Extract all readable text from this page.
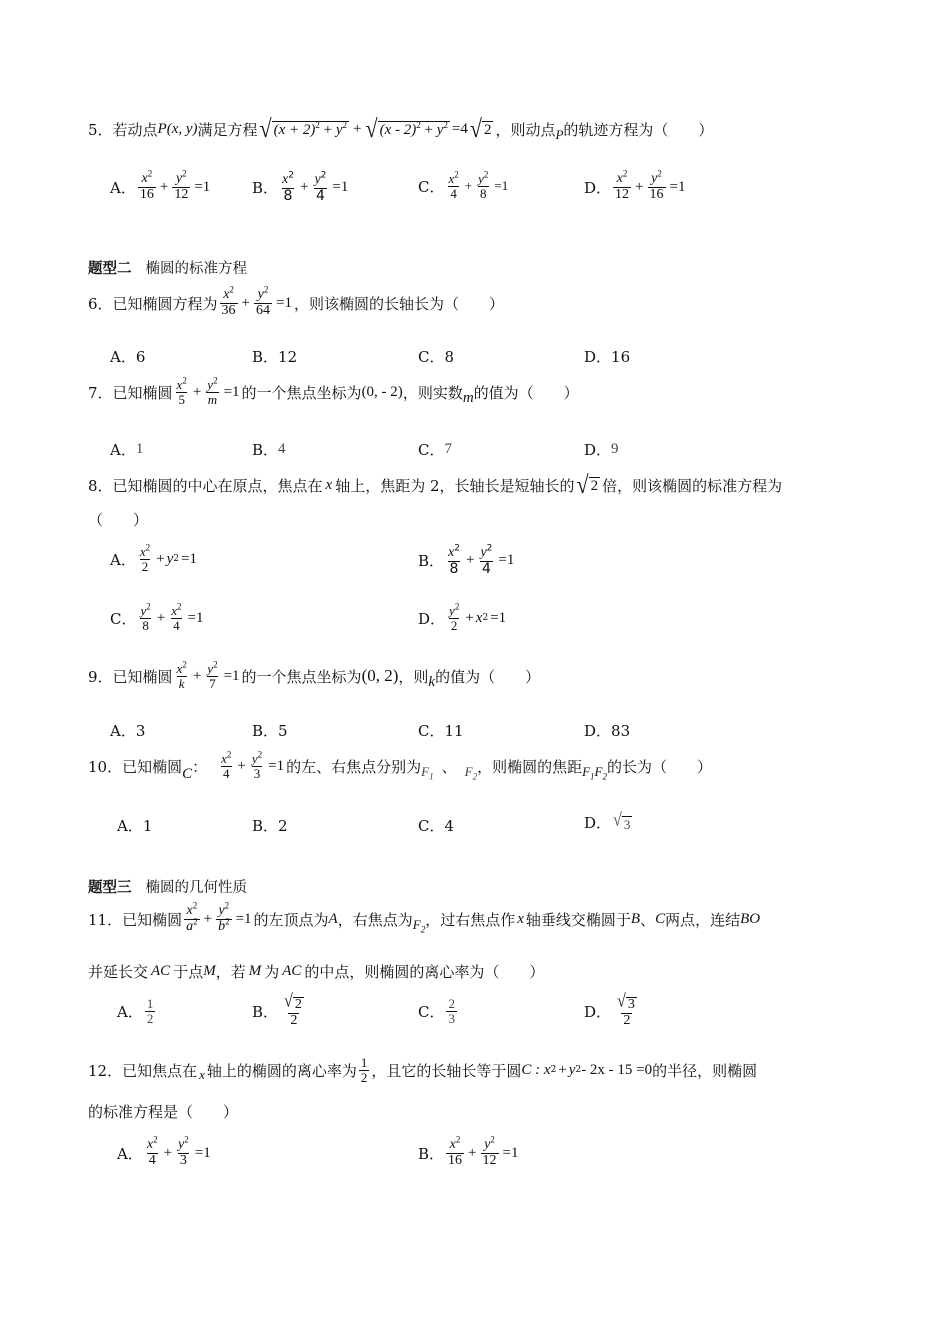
5．若动点 P (x, y) 满足方程 √ $(x + 2)^2 + y^2$ + √ $(x - 2)^2 + y^2 =4$ √ 2 ，则动点 P 的轨迹方程为（　　）
A． $\frac{x^2}{16} + \frac{y^2}{12} =1$	B． $\frac{x^2}{8} + \frac{y^2}{4} =1$	C． $\frac{x^2}{4} + \frac{y^2}{8} =1$	D． $\frac{x^2}{12} + \frac{y^2}{16} =1$
题型二 椭圆的标准方程
6．已知椭圆方程为 $\frac{x^2}{36} + \frac{y^2}{64} =1$ ，则该椭圆的长轴长为（　　）
A．6	B．12	C．8	D．16
7．已知椭圆 $\frac{x^2}{5} + \frac{y^2}{m} =1$ 的一个焦点坐标为 (0, - 2) ，则实数 m 的值为（　　）
A． 1	B． 4	C． 7	D． 9
8．已知椭圆的中心在原点，焦点在 x 轴上，焦距为 2，长轴长是短轴长的 √ 2 倍，则该椭圆的标准方程为
（　　）
A． $\frac{x^2}{2} + y$ 2 =1	B． $\frac{x^2}{8} + \frac{y^2}{4} =1$
C． $\frac{y^2}{8} + \frac{x^2}{4} =1$	D． $\frac{y^2}{2} + x$ 2 =1
9．已知椭圆 $\frac{x^2}{k} + \frac{y^2}{7} =1$ 的一个焦点坐标为 (0, 2) ，则 k 的值为（　　）
A．3	B．5	C．11	D．83
10．已知椭圆 C ： $\frac{x^2}{4} + \frac{y^2}{3} =1$ 的左、右焦点分别为 $F_1$
、 $F_2$
，则椭圆的焦距 $F_1F_2$
的长为（　　）
A．1	B．2	C．4	D． √ 3
题型三 椭圆的几何性质
11．已知椭圆 $\frac{x^2}{a^2} + \frac{y^2}{b^2} =1$ 的左顶点为 A ，右焦点为 $F_2$
，过右焦点作 x 轴垂线交椭圆于 B 、 C 两点，连结 BO
并延长交 AC 于点 M ，若 M 为 AC 的中点，则椭圆的离心率为（　　）
A． $\frac{1}{2}$	B． $\frac{√ 2}{2}$	C． $\frac{2}{3}$	D． $\frac{√ 3}{2}$
12．已知焦点在 x 轴上的椭圆的离心率为 $\frac{1}{2}$ ，且它的长轴长等于圆 C : x 2 + y 2 - 2x - 15 =0 的半径，则椭圆
的标准方程是（　　）
A． $\frac{x^2}{4} + \frac{y^2}{3} =1$	B． $\frac{x^2}{16} + \frac{y^2}{12} =1$
